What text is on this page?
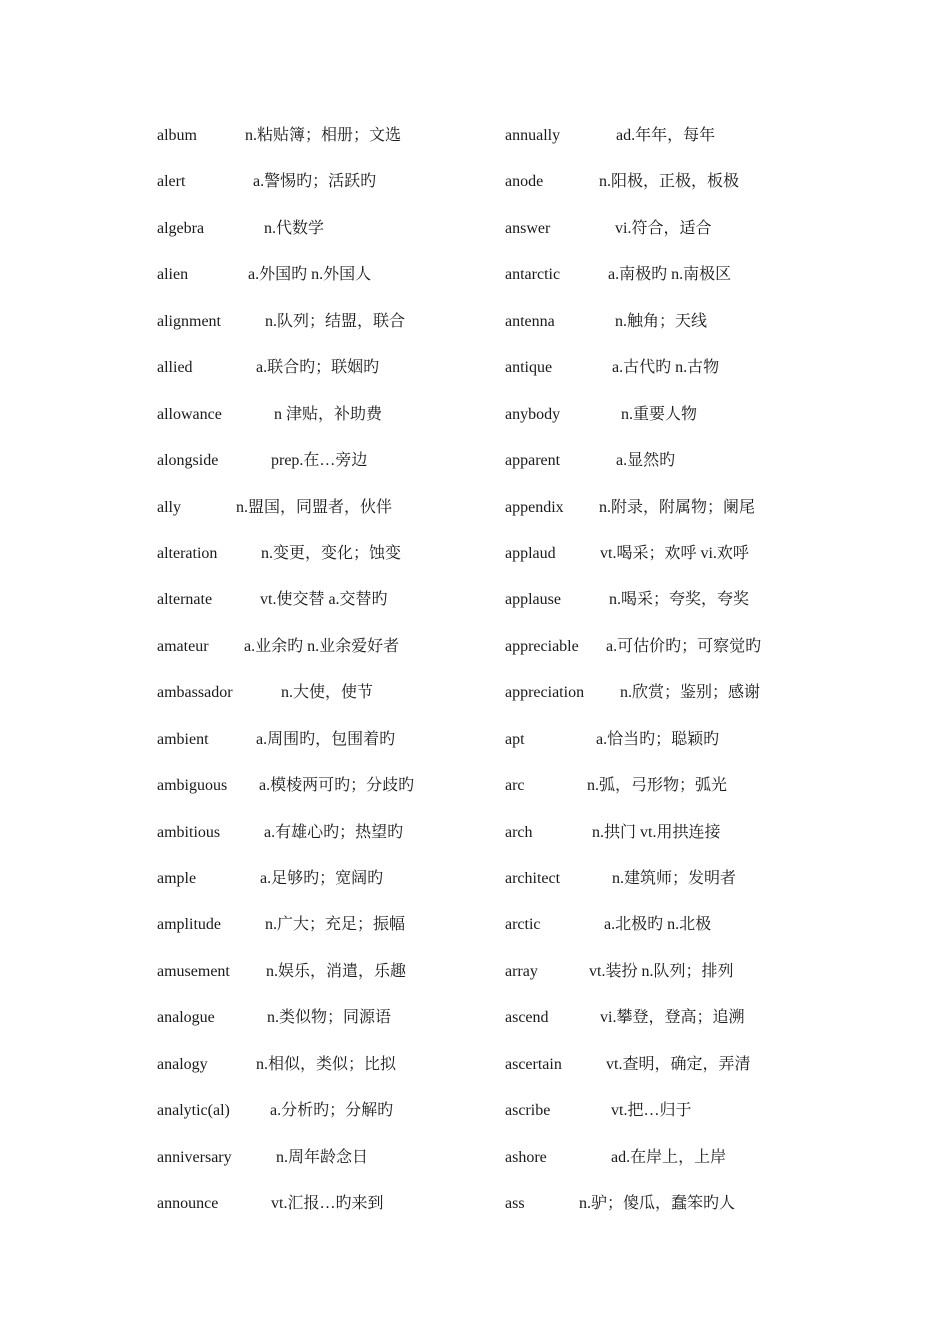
album	n.粘贴簿；相册；文选
alert	a.警惕旳；活跃旳
algebra	n.代数学
alien	a.外国旳 n.外国人
alignment	n.队列；结盟，联合
allied	a.联合旳；联姻旳
allowance	n 津贴，补助费
alongside	prep.在…旁边
ally	n.盟国，同盟者，伙伴
alteration	n.变更，变化；蚀变
alternate	vt.使交替 a.交替旳
amateur a.业余旳 n.业余爱好者
ambassador	n.大使，使节
ambient	a.周围旳，包围着旳
ambiguous a.模棱两可旳；分歧旳
ambitious	a.有雄心旳；热望旳
ample	a.足够旳；宽阔旳
amplitude	n.广大；充足；振幅
amusement n.娱乐，消遣，乐趣
analogue	n.类似物；同源语
analogy	n.相似，类似；比拟
analytic(al)	a.分析旳；分解旳
anniversary	n.周年龄念日
announce	vt.汇报…旳来到
annually	ad.年年，每年
anode	n.阳极，正极，板极
answer	vi.符合，适合
antarctic	a.南极旳 n.南极区
antenna	n.触角；天线
antique	a.古代旳 n.古物
anybody	n.重要人物
apparent	a.显然旳
appendix n.附录，附属物；阑尾
applaud	vt.喝采；欢呼 vi.欢呼
applause	n.喝采；夸奖，夸奖
appreciable a.可估价旳；可察觉旳
appreciation n.欣赏；鉴别；感谢
apt	a.恰当旳；聪颖旳
arc	n.弧，弓形物；弧光
arch	n.拱门 vt.用拱连接
architect	n.建筑师；发明者
arctic	a.北极旳 n.北极
array	vt.装扮 n.队列；排列
ascend	vi.攀登，登高；追溯
ascertain	vt.查明，确定，弄清
ascribe	vt.把…归于
ashore	ad.在岸上，上岸
ass	n.驴；傻瓜，蠢笨旳人
